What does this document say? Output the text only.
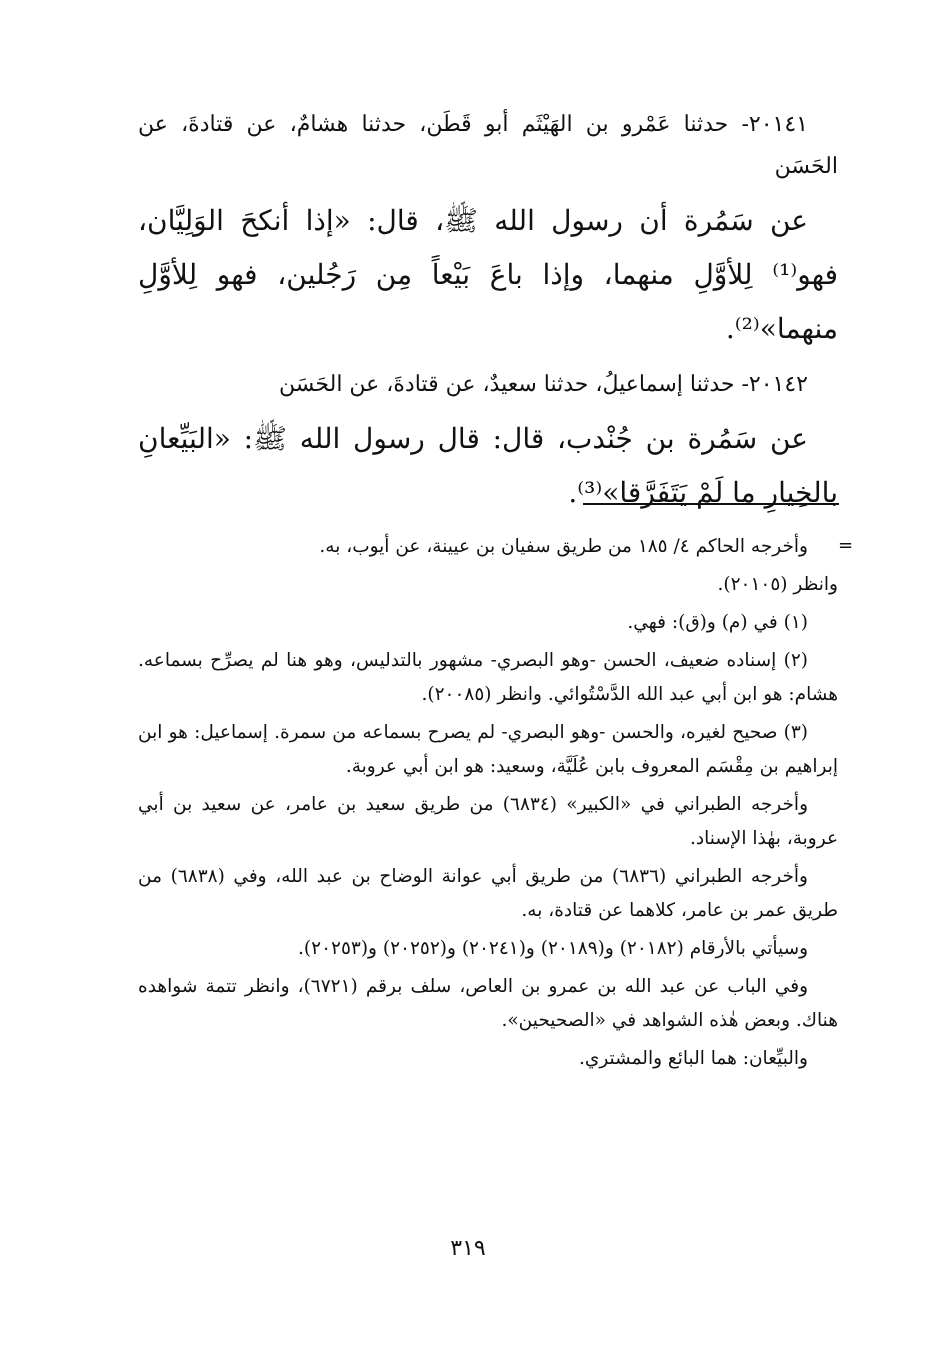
٢٠١٤١- حدثنا عَمْرو بن الهَيْثَم أبو قَطَن، حدثنا هشامٌ، عن قتادةَ، عن الحَسَن

عن سَمُرة أن رسول الله ﷺ، قال: «إذا أنكحَ الوَلِيَّان، فهو⁽¹⁾ لِلأوَّلِ منهما، وإذا باعَ بَيْعاً مِن رَجُلين، فهو لِلأوَّلِ منهما»⁽²⁾.

٢٠١٤٢- حدثنا إسماعيلُ، حدثنا سعيدٌ، عن قتادةَ، عن الحَسَن

عن سَمُرة بن جُنْدب، قال: قال رسول الله ﷺ: «البَيِّعانِ بالخِيارِ ما لَمْ يَتَفَرَّقا»⁽³⁾.

=

وأخرجه الحاكم ٤/ ١٨٥ من طريق سفيان بن عيينة، عن أيوب، به.

وانظر (٢٠١٠٥).

(١) في (م) و(ق): فهي.

(٢) إسناده ضعيف، الحسن -وهو البصري- مشهور بالتدليس، وهو هنا لم يصرِّح بسماعه. هشام: هو ابن أبي عبد الله الدَّسْتُوائي. وانظر (٢٠٠٨٥).

(٣) صحيح لغيره، والحسن -وهو البصري- لم يصرح بسماعه من سمرة. إسماعيل: هو ابن إبراهيم بن مِقْسَم المعروف بابن عُلَيَّة، وسعيد: هو ابن أبي عروبة.

وأخرجه الطبراني في «الكبير» (٦٨٣٤) من طريق سعيد بن عامر، عن سعيد بن أبي عروبة، بهٰذا الإسناد.

وأخرجه الطبراني (٦٨٣٦) من طريق أبي عوانة الوضاح بن عبد الله، وفي (٦٨٣٨) من طريق عمر بن عامر، كلاهما عن قتادة، به.

وسيأتي بالأرقام (٢٠١٨٢) و(٢٠١٨٩) و(٢٠٢٤١) و(٢٠٢٥٢) و(٢٠٢٥٣).

وفي الباب عن عبد الله بن عمرو بن العاص، سلف برقم (٦٧٢١)، وانظر تتمة شواهده هناك. وبعض هٰذه الشواهد في «الصحيحين».

والبيِّعان: هما البائع والمشتري.

٣١٩
